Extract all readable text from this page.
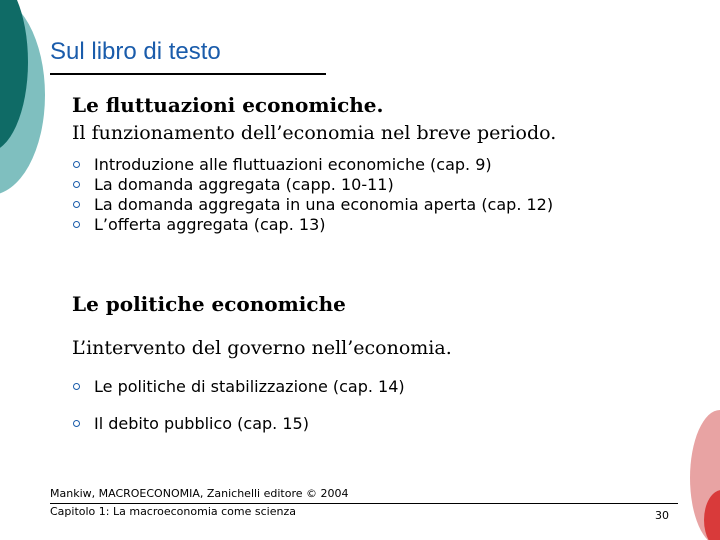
Sul libro di testo
Le fluttuazioni economiche.
Il funzionamento dell’economia nel breve periodo.
Introduzione alle fluttuazioni economiche (cap. 9)
La domanda aggregata (capp. 10-11)
La domanda aggregata in una economia aperta (cap. 12)
L’offerta aggregata (cap. 13)
Le politiche economiche
L’intervento del governo nell’economia.
Le politiche di stabilizzazione (cap. 14)
Il debito pubblico (cap. 15)
Mankiw, MACROECONOMIA, Zanichelli editore © 2004
Capitolo 1: La macroeconomia come scienza	30
